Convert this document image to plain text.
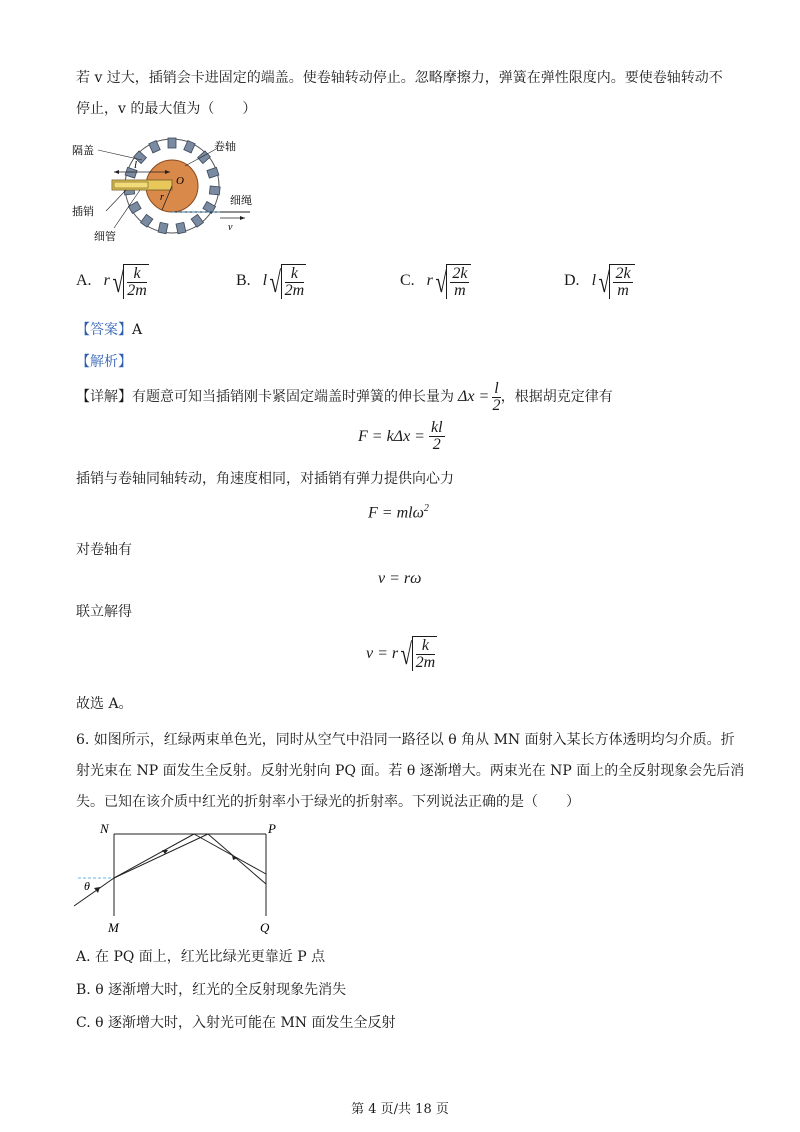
若 v 过大，插销会卡进固定的端盖。使卷轴转动停止。忽略摩擦力，弹簧在弹性限度内。要使卷轴转动不
停止，v 的最大值为（　　）
隔盖	卷轴
l
O
r	细绳
插销
v
细管
A. $r√ \frac{k}{2m}$	B. $l√ \frac{k}{2m}$	C. $r√ \frac{2k}{m}$	D. $l√ \frac{2k}{m}$
【答案】A
【解析】
【详解】 有题意可知当插销刚卡紧固定端盖时弹簧的伸长量为 $\Delta x = \frac{l}{2}$ ，根据胡克定律有
$F = k\Delta x = \frac{kl}{2}$
插销与卷轴同轴转动，角速度相同，对插销有弹力提供向心力
F = mlω$^2$
对卷轴有
v = rω
联立解得
v = r √ $\frac{k}{2m}$
故选 A。
6. 如图所示，红绿两束单色光，同时从空气中沿同一路径以 θ 角从 MN 面射入某长方体透明均匀介质。折
射光束在 NP 面发生全反射。反射光射向 PQ 面。若 θ 逐渐增大。两束光在 NP 面上的全反射现象会先后消
失。已知在该介质中红光的折射率小于绿光的折射率。下列说法正确的是（　　）
N	P
M	Q
θ
A. 在 PQ 面上，红光比绿光更靠近 P 点
B. θ 逐渐增大时，红光的全反射现象先消失
C. θ 逐渐增大时，入射光可能在 MN 面发生全反射
第 4 页/共 18 页
